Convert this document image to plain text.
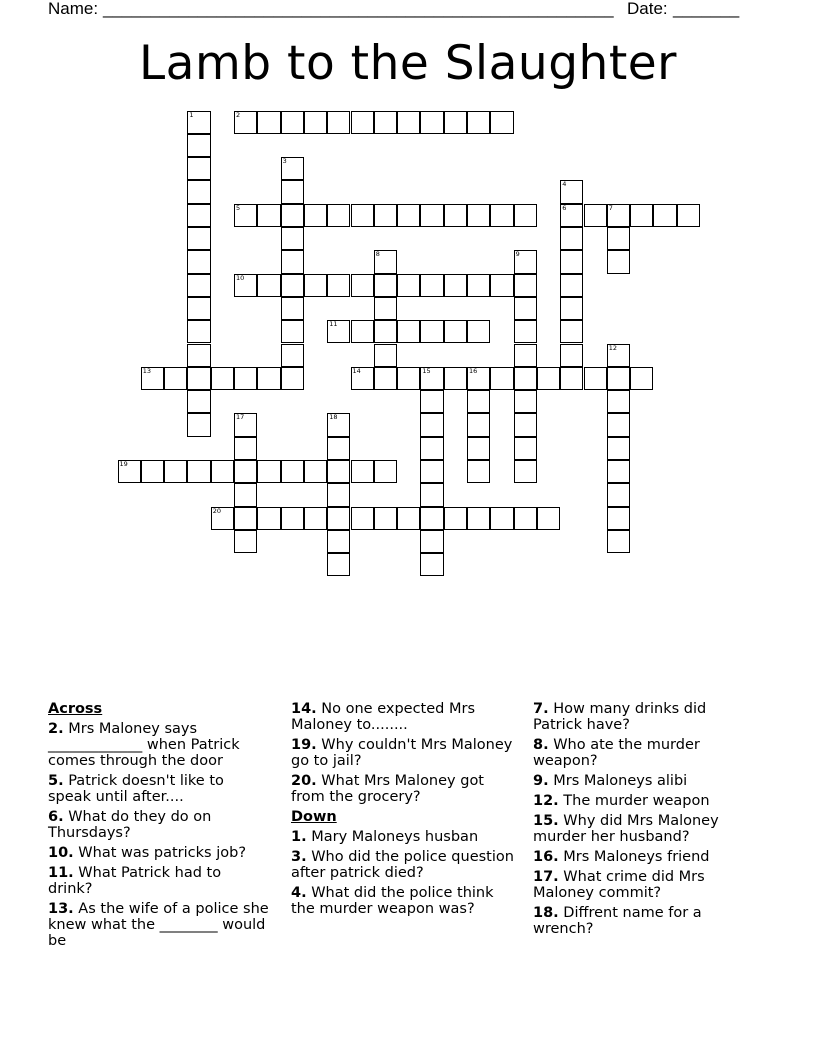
Name: ______________________________________________________ Date: _______
Lamb to the Slaughter
1	2
3
4
6
5	7
8	9
10
11
12
13	14	15	16
17	18
19
20
Across
2. Mrs Maloney says _____________ when Patrick comes through the door
5. Patrick doesn't like to speak until after....
6. What do they do on Thursdays?
10. What was patricks job?
11. What Patrick had to drink?
13. As the wife of a police she knew what the ________ would be
14. No one expected Mrs Maloney to........
19. Why couldn't Mrs Maloney go to jail?
20. What Mrs Maloney got from the grocery?
Down
1. Mary Maloneys husban
3. Who did the police question after patrick died?
4. What did the police think the murder weapon was?
7. How many drinks did Patrick have?
8. Who ate the murder weapon?
9. Mrs Maloneys alibi
12. The murder weapon
15. Why did Mrs Maloney murder her husband?
16. Mrs Maloneys friend
17. What crime did Mrs Maloney commit?
18. Diffrent name for a wrench?
